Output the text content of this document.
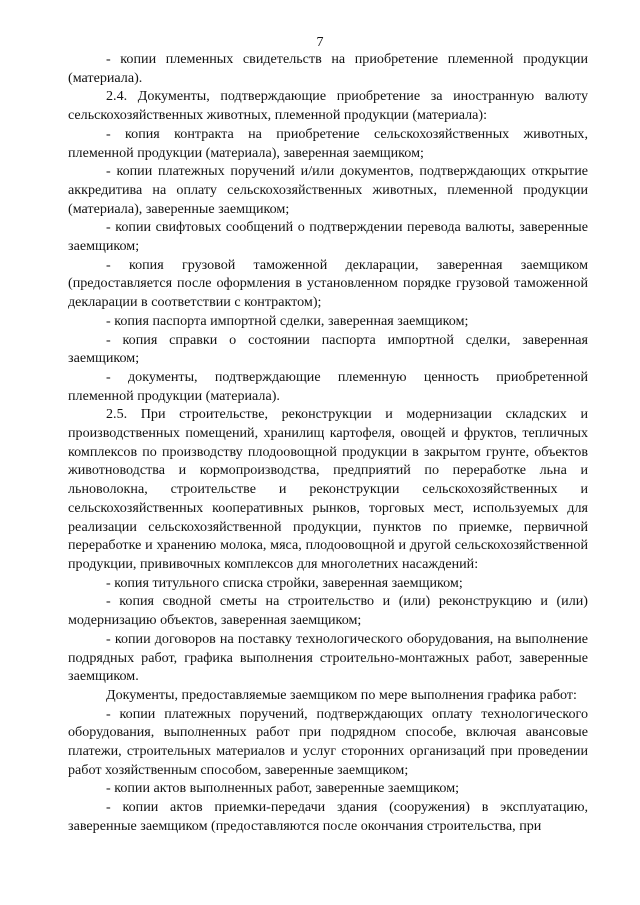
7

- копии племенных свидетельств на приобретение племенной продукции (материала).

2.4. Документы, подтверждающие приобретение за иностранную валюту сельскохозяйственных животных, племенной продукции (материала):

- копия контракта на приобретение сельскохозяйственных животных, племенной продукции (материала), заверенная заемщиком;

- копии платежных поручений и/или документов, подтверждающих открытие аккредитива на оплату сельскохозяйственных животных, племенной продукции (материала), заверенные заемщиком;

- копии свифтовых сообщений о подтверждении перевода валюты, заверенные заемщиком;

- копия грузовой таможенной декларации, заверенная заемщиком (предоставляется после оформления в установленном порядке грузовой таможенной декларации в соответствии с контрактом);

- копия паспорта импортной сделки, заверенная заемщиком;

- копия справки о состоянии паспорта импортной сделки, заверенная заемщиком;

- документы, подтверждающие племенную ценность приобретенной племенной продукции (материала).

2.5. При строительстве, реконструкции и модернизации складских и производственных помещений, хранилищ картофеля, овощей и фруктов, тепличных комплексов по производству плодоовощной продукции в закрытом грунте, объектов животноводства и кормопроизводства, предприятий по переработке льна и льноволокна, строительстве и реконструкции сельскохозяйственных и сельскохозяйственных кооперативных рынков, торговых мест, используемых для реализации сельскохозяйственной продукции, пунктов по приемке, первичной переработке и хранению молока, мяса, плодоовощной и другой сельскохозяйственной продукции, прививочных комплексов для многолетних насаждений:

- копия титульного списка стройки, заверенная заемщиком;

- копия сводной сметы на строительство и (или) реконструкцию и (или) модернизацию объектов, заверенная заемщиком;

- копии договоров на поставку технологического оборудования, на выполнение подрядных работ, графика выполнения строительно-монтажных работ, заверенные заемщиком.

Документы, предоставляемые заемщиком по мере выполнения графика работ:

- копии платежных поручений, подтверждающих оплату технологического оборудования, выполненных работ при подрядном способе, включая авансовые платежи, строительных материалов и услуг сторонних организаций при проведении работ хозяйственным способом, заверенные заемщиком;

- копии актов выполненных работ, заверенные заемщиком;

- копии актов приемки-передачи здания (сооружения) в эксплуатацию, заверенные заемщиком (предоставляются после окончания строительства, при
